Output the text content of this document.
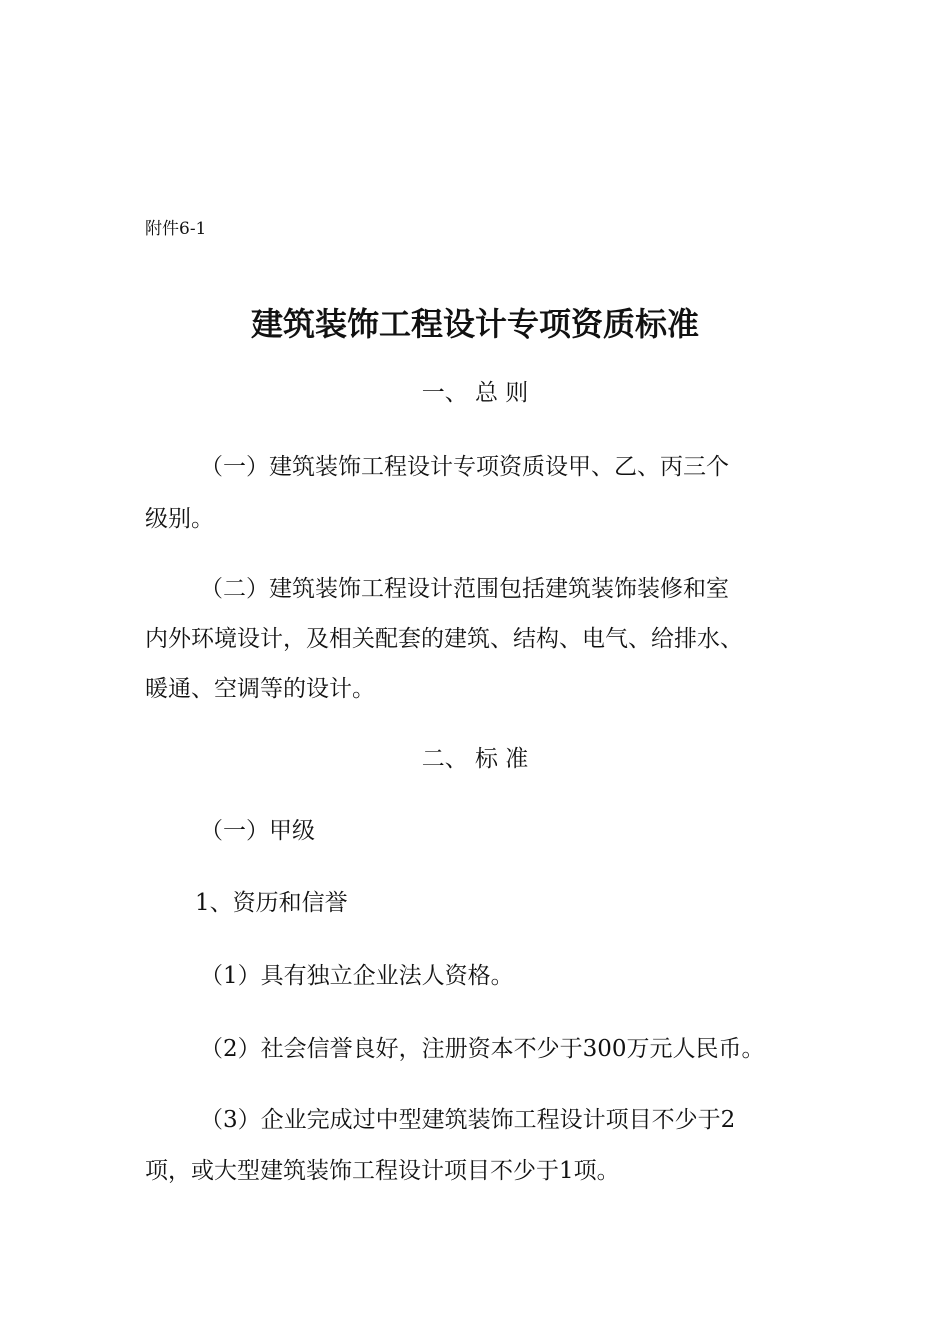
附件6-1
建筑装饰工程设计专项资质标准
一、 总 则
（一）建筑装饰工程设计专项资质设甲、乙、丙三个
级别。
（二）建筑装饰工程设计范围包括建筑装饰装修和室
内外环境设计，及相关配套的建筑、结构、电气、给排水、
暖通、空调等的设计。
二、 标 准
（一）甲级
1、资历和信誉
（1）具有独立企业法人资格。
（2）社会信誉良好，注册资本不少于300万元人民币。
（3）企业完成过中型建筑装饰工程设计项目不少于2
项，或大型建筑装饰工程设计项目不少于1项。
